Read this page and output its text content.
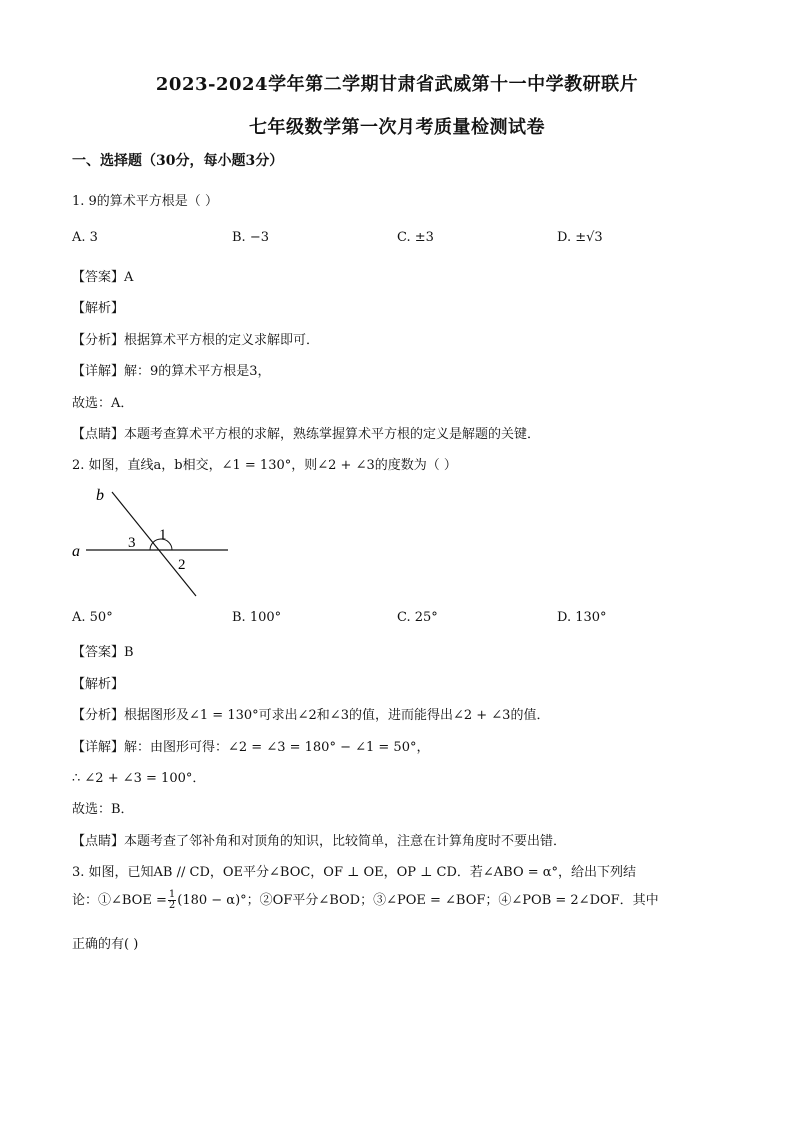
2023-2024学年第二学期甘肃省武威第十一中学教研联片
七年级数学第一次月考质量检测试卷
一、选择题（30分，每小题3分）
1. 9的算术平方根是（ ）
A. 3	B. −3	C. ±3	D. ±√3
【答案】A
【解析】
【分析】根据算术平方根的定义求解即可．
【详解】解：9的算术平方根是3，
故选：A．
【点睛】本题考查算术平方根的求解，熟练掌握算术平方根的定义是解题的关键．
2. 如图，直线a，b相交，∠1 = 130°，则∠2 + ∠3的度数为（ ）
b
a
1
2
3
A. 50°	B. 100°	C. 25°	D. 130°
【答案】B
【解析】
【分析】根据图形及∠1 = 130°可求出∠2和∠3的值，进而能得出∠2 + ∠3的值．
【详解】解：由图形可得：∠2 = ∠3 = 180° − ∠1 = 50°，
∴ ∠2 + ∠3 = 100°．
故选：B．
【点睛】本题考查了邻补角和对顶角的知识，比较简单，注意在计算角度时不要出错．
3. 如图，已知AB // CD，OE平分∠BOC，OF ⊥ OE，OP ⊥ CD．若∠ABO = α°，给出下列结
论：①∠BOE = $\frac{1}{2} (180 - \alpha)^\circ$；②OF平分∠BOD；③∠POE = ∠BOF；④∠POB = 2∠DOF．其中
正确的有( )
